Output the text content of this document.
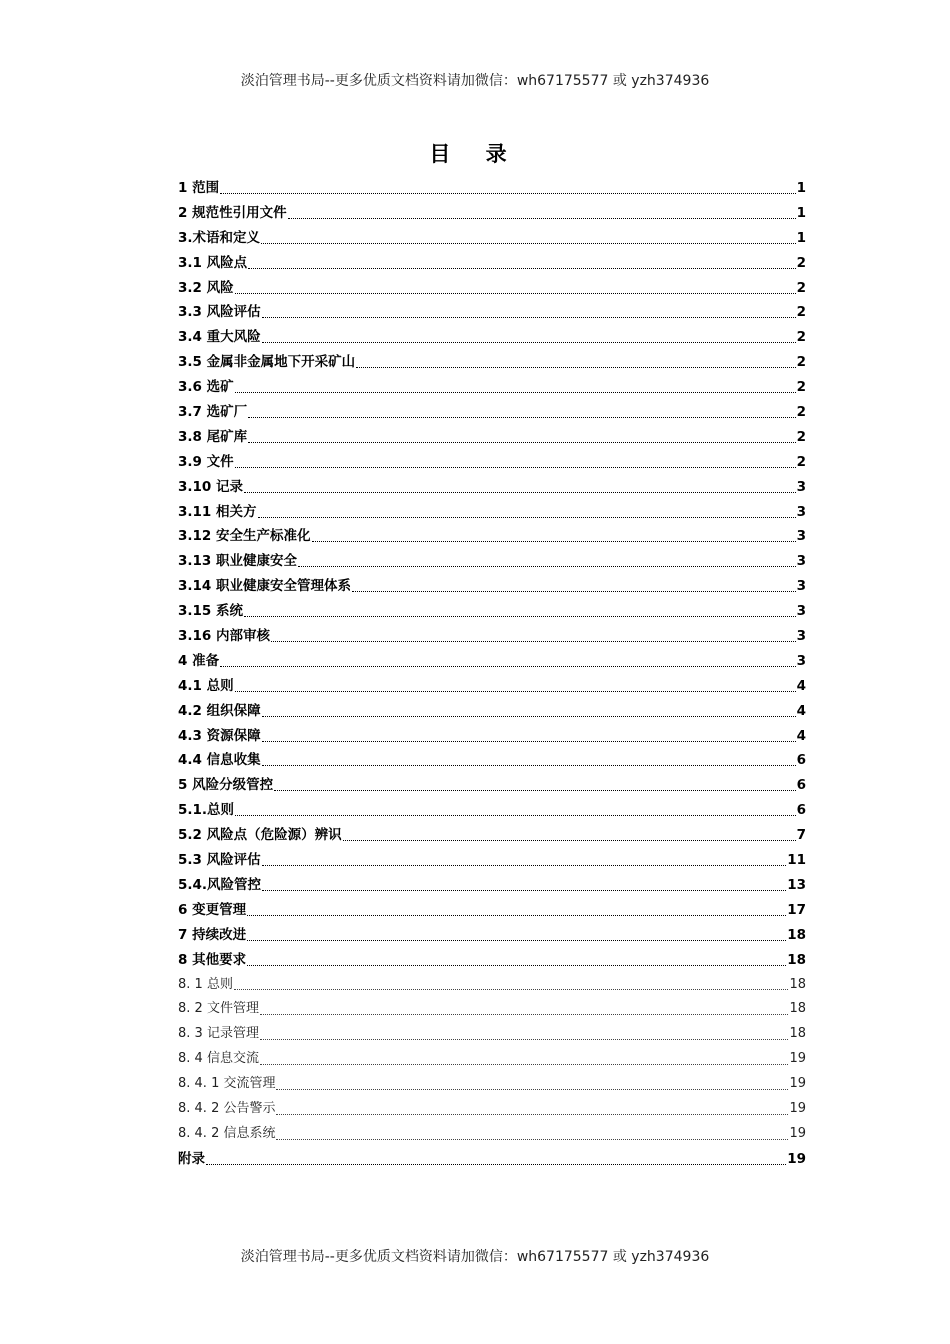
淡泊管理书局--更多优质文档资料请加微信：wh67175577 或 yzh374936
目 录
1 范围	1
2 规范性引用文件	1
3.术语和定义	1
3.1 风险点	2
3.2 风险	2
3.3 风险评估	2
3.4 重大风险	2
3.5 金属非金属地下开采矿山	2
3.6 选矿	2
3.7 选矿厂	2
3.8 尾矿库	2
3.9 文件	2
3.10 记录	3
3.11 相关方	3
3.12 安全生产标准化	3
3.13 职业健康安全	3
3.14 职业健康安全管理体系	3
3.15 系统	3
3.16 内部审核	3
4 准备	3
4.1 总则	4
4.2 组织保障	4
4.3 资源保障	4
4.4 信息收集	6
5 风险分级管控	6
5.1.总则	6
5.2 风险点（危险源）辨识	7
5.3 风险评估	11
5.4.风险管控	13
6 变更管理	17
7 持续改进	18
8 其他要求	18
8. 1 总则	18
8. 2 文件管理	18
8. 3 记录管理	18
8. 4 信息交流	19
8. 4. 1 交流管理	19
8. 4. 2 公告警示	19
8. 4. 2 信息系统	19
附录	19
淡泊管理书局--更多优质文档资料请加微信：wh67175577 或 yzh374936
